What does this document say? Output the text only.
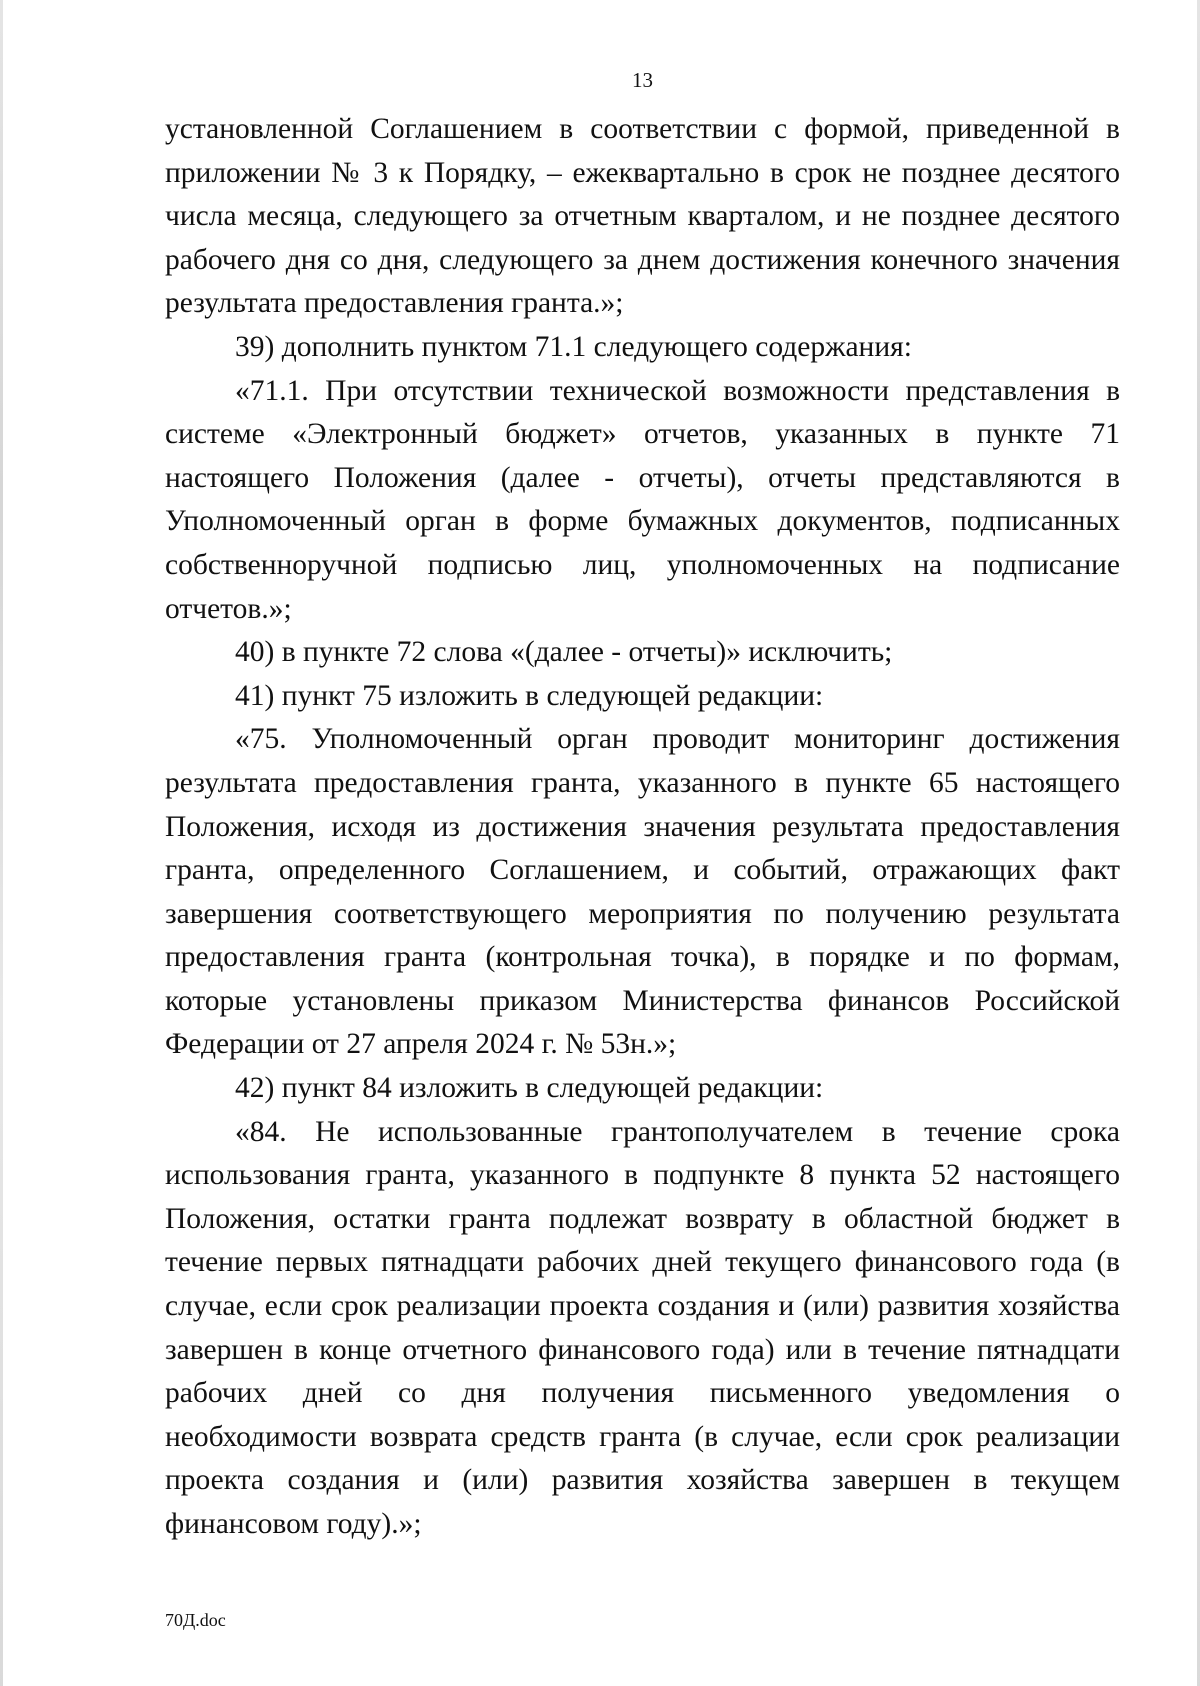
13

установленной Соглашением в соответствии с формой, приведенной в приложении № 3 к Порядку, – ежеквартально в срок не позднее десятого числа месяца, следующего за отчетным кварталом, и не позднее десятого рабочего дня со дня, следующего за днем достижения конечного значения результата предоставления гранта.»;

39) дополнить пунктом 71.1 следующего содержания:

«71.1. При отсутствии технической возможности представления в системе «Электронный бюджет» отчетов, указанных в пункте 71 настоящего Положения (далее - отчеты), отчеты представляются в Уполномоченный орган в форме бумажных документов, подписанных собственноручной подписью лиц, уполномоченных на подписание отчетов.»;

40) в пункте 72 слова «(далее - отчеты)» исключить;

41) пункт 75 изложить в следующей редакции:

«75. Уполномоченный орган проводит мониторинг достижения результата предоставления гранта, указанного в пункте 65 настоящего Положения, исходя из достижения значения результата предоставления гранта, определенного Соглашением, и событий, отражающих факт завершения соответствующего мероприятия по получению результата предоставления гранта (контрольная точка), в порядке и по формам, которые установлены приказом Министерства финансов Российской Федерации от 27 апреля 2024 г. № 53н.»;

42) пункт 84 изложить в следующей редакции:

«84. Не использованные грантополучателем в течение срока использования гранта, указанного в подпункте 8 пункта 52 настоящего Положения, остатки гранта подлежат возврату в областной бюджет в течение первых пятнадцати рабочих дней текущего финансового года (в случае, если срок реализации проекта создания и (или) развития хозяйства завершен в конце отчетного финансового года) или в течение пятнадцати рабочих дней со дня получения письменного уведомления о необходимости возврата средств гранта (в случае, если срок реализации проекта создания и (или) развития хозяйства завершен в текущем финансовом году).»;

70Д.doc
